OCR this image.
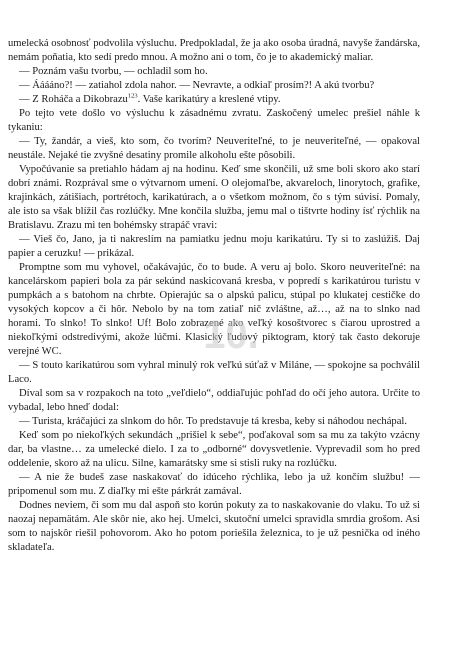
umelecká osobnosť podvolila výsluchu. Predpokladal, že ja ako osoba úradná, navyše žandárska, nemám poňatia, kto sedí predo mnou. A možno ani o tom, čo je to akademický maliar.

— Poznám vašu tvorbu, — ochladil som ho.

— Ááááno?! — zatiahol zdola nahor. — Nevravte, a odkiaľ prosím?! A akú tvorbu?

— Z Roháča a Dikobrazu$^{123}$. Vaše karikatúry a kreslené vtipy.

Po tejto vete došlo vo výsluchu k zásadnému zvratu. Zaskočený umelec prešiel náhle k tykaniu:

— Ty, žandár, a vieš, kto som, čo tvorím? Neuveriteľné, to je neuveriteľné, — opakoval neustále. Nejaké tie zvyšné desatiny promile alkoholu ešte pôsobili.

Vypočúvanie sa pretiahlo hádam aj na hodinu. Keď sme skončili, už sme boli skoro ako starí dobrí známi. Rozprával sme o výtvarnom umení. O olejomaľbe, akvareloch, linorytoch, grafike, krajinkách, zátišiach, portrétoch, karikatúrach, a o všetkom možnom, čo s tým súvisí. Pomaly, ale isto sa však blížil čas rozlúčky. Mne končila služba, jemu mal o tištvrte hodiny ísť rýchlik na Bratislavu. Zrazu mi ten bohémsky strapáč vravi:

— Vieš čo, Jano, ja ti nakreslím na pamiatku jednu moju karikatúru. Ty si to zaslúžiš. Daj papier a ceruzku! — prikázal.

Promptne som mu vyhovel, očakávajúc, čo to bude. A veru aj bolo. Skoro neuveriteľné: na kancelárskom papieri bola za pár sekúnd naskicovaná kresba, v popredí s karikatúrou turistu v pumpkách a s batohom na chrbte. Opierajúc sa o alpskú palicu, stúpal po klukatej cestičke do vysokých kopcov a či hôr. Nebolo by na tom zatiaľ nič zvláštne, až…, až na to slnko nad horami. To slnko! To slnko! Uf! Bolo zobrazené ako veľký kosoštvorec s čiarou uprostred a niekoľkými odstredivými, akože lúčmi. Klasický ľudový piktogram, ktorý tak často dekoruje verejné WC.

— S touto karikatúrou som vyhral minulý rok veľkú súťaž v Miláne, — spokojne sa pochválil Laco.

Díval som sa v rozpakoch na toto „veľdielo“, oddiaľujúc pohľad do očí jeho autora. Určite to vybadal, lebo hneď dodal:

— Turista, kráčajúci za slnkom do hôr. To predstavuje tá kresba, keby si náhodou nechápal.

Keď som po niekoľkých sekundách „prišiel k sebe“, poďakoval som sa mu za takýto vzácny dar, ba vlastne… za umelecké dielo. I za to „odborné“ dovysvetlenie. Vyprevadil som ho pred oddelenie, skoro až na ulicu. Silne, kamarátsky sme si stisli ruky na rozlúčku.

— A nie že budeš zase naskakovať do idúceho rýchlika, lebo ja už končím službu! — pripomenul som mu. Z diaľky mi ešte párkrát zamával.

Dodnes neviem, či som mu dal aspoň sto korún pokuty za to naskakovanie do vlaku. To už si naozaj nepamätám. Ale skôr nie, ako hej. Umelci, skutoční umelci spravidla smrdia grošom. Asi som to najskôr riešil pohovorom. Ako ho potom poriešila železnica, to je už pesnička od iného skladateľa.

10.
